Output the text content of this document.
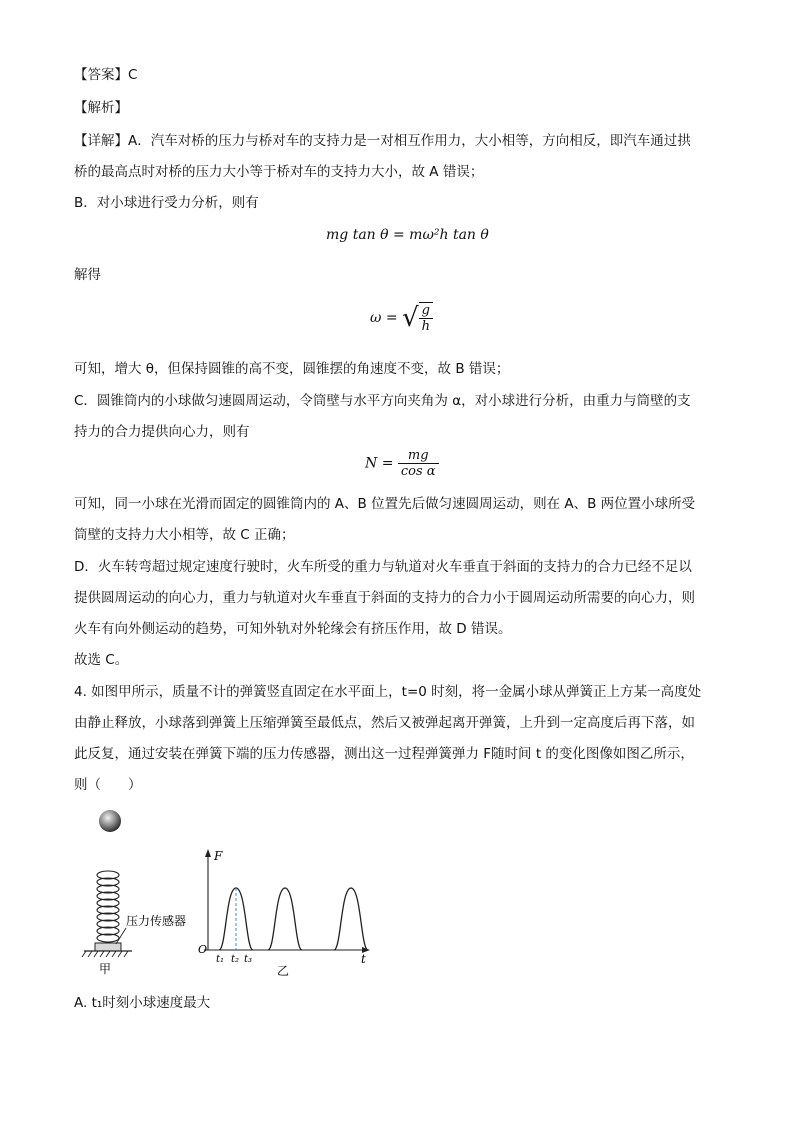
【答案】C
【解析】
【详解】A．汽车对桥的压力与桥对车的支持力是一对相互作用力，大小相等，方向相反，即汽车通过拱
桥的最高点时对桥的压力大小等于桥对车的支持力大小，故 A 错误；
B．对小球进行受力分析，则有
mg tan θ = mω²h tan θ
解得
ω = √ $\frac{g}{h}$
可知，增大 θ，但保持圆锥的高不变，圆锥摆的角速度不变，故 B 错误；
C．圆锥筒内的小球做匀速圆周运动，令筒壁与水平方向夹角为 α，对小球进行分析，由重力与筒壁的支
持力的合力提供向心力，则有
$N = \frac{mg}{\text{cos α}}$
可知，同一小球在光滑而固定的圆锥筒内的 A、B 位置先后做匀速圆周运动，则在 A、B 两位置小球所受
筒壁的支持力大小相等，故 C 正确；
D．火车转弯超过规定速度行驶时，火车所受的重力与轨道对火车垂直于斜面的支持力的合力已经不足以
提供圆周运动的向心力，重力与轨道对火车垂直于斜面的支持力的合力小于圆周运动所需要的向心力，则
火车有向外侧运动的趋势，可知外轨对外轮缘会有挤压作用，故 D 错误。
故选 C。
4. 如图甲所示，质量不计的弹簧竖直固定在水平面上，t=0 时刻，将一金属小球从弹簧正上方某一高度处
由静止释放，小球落到弹簧上压缩弹簧至最低点，然后又被弹起离开弹簧，上升到一定高度后再下落，如
此反复，通过安装在弹簧下端的压力传感器，测出这一过程弹簧弹力 F随时间 t 的变化图像如图乙所示，
则（　　）
压力传感器
甲
F
t
O
t₁ t₂ t₃
乙
A. t₁时刻小球速度最大
